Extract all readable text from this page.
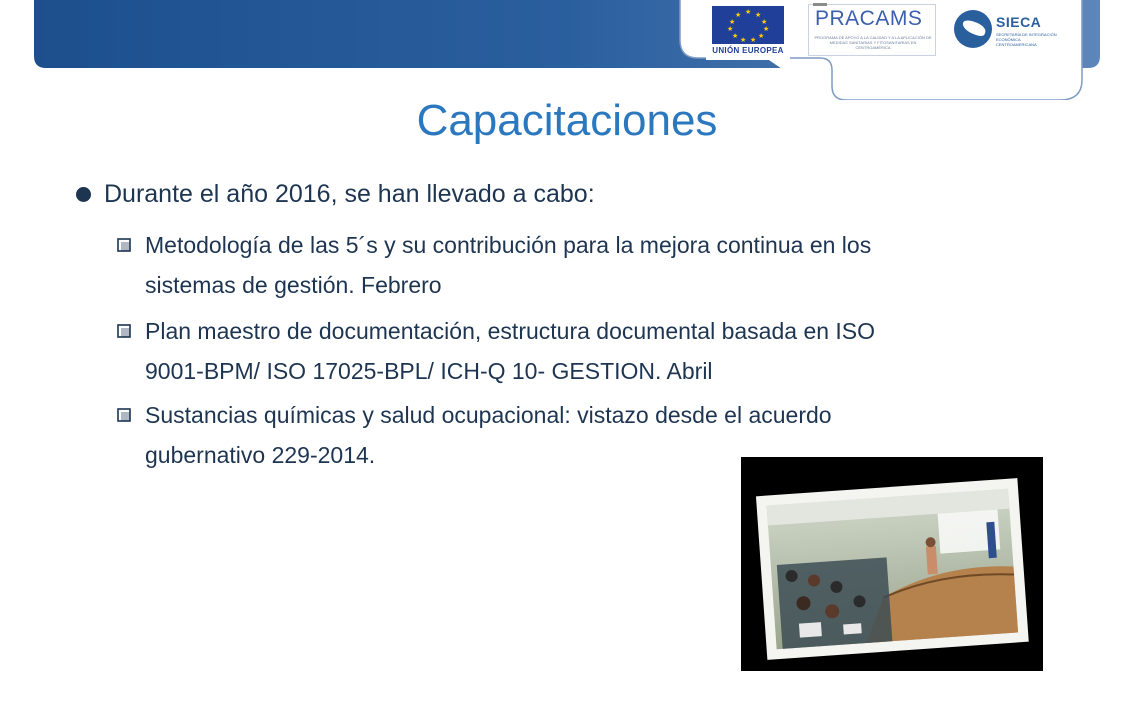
★ ★
★
★
★
★
★
★
★
★
★
UNIÓN EUROPEA
PRACAMS
PROGRAMA DE APOYO A LA CALIDAD Y A LA APLICACIÓN DE MEDIDAS SANITARIAS Y FITOSANITARIAS EN CENTROAMÉRICA
SIECA
SECRETARÍA DE INTEGRACIÓN ECONÓMICA CENTROAMERICANA
Capacitaciones
Durante el año 2016, se han llevado a cabo:
Metodología de las 5´s y su contribución para la mejora continua en los
sistemas de gestión. Febrero
Plan maestro de documentación, estructura documental basada en ISO
9001-BPM/ ISO 17025-BPL/ ICH-Q 10- GESTION. Abril
Sustancias químicas y salud ocupacional: vistazo desde el acuerdo
gubernativo 229-2014.
